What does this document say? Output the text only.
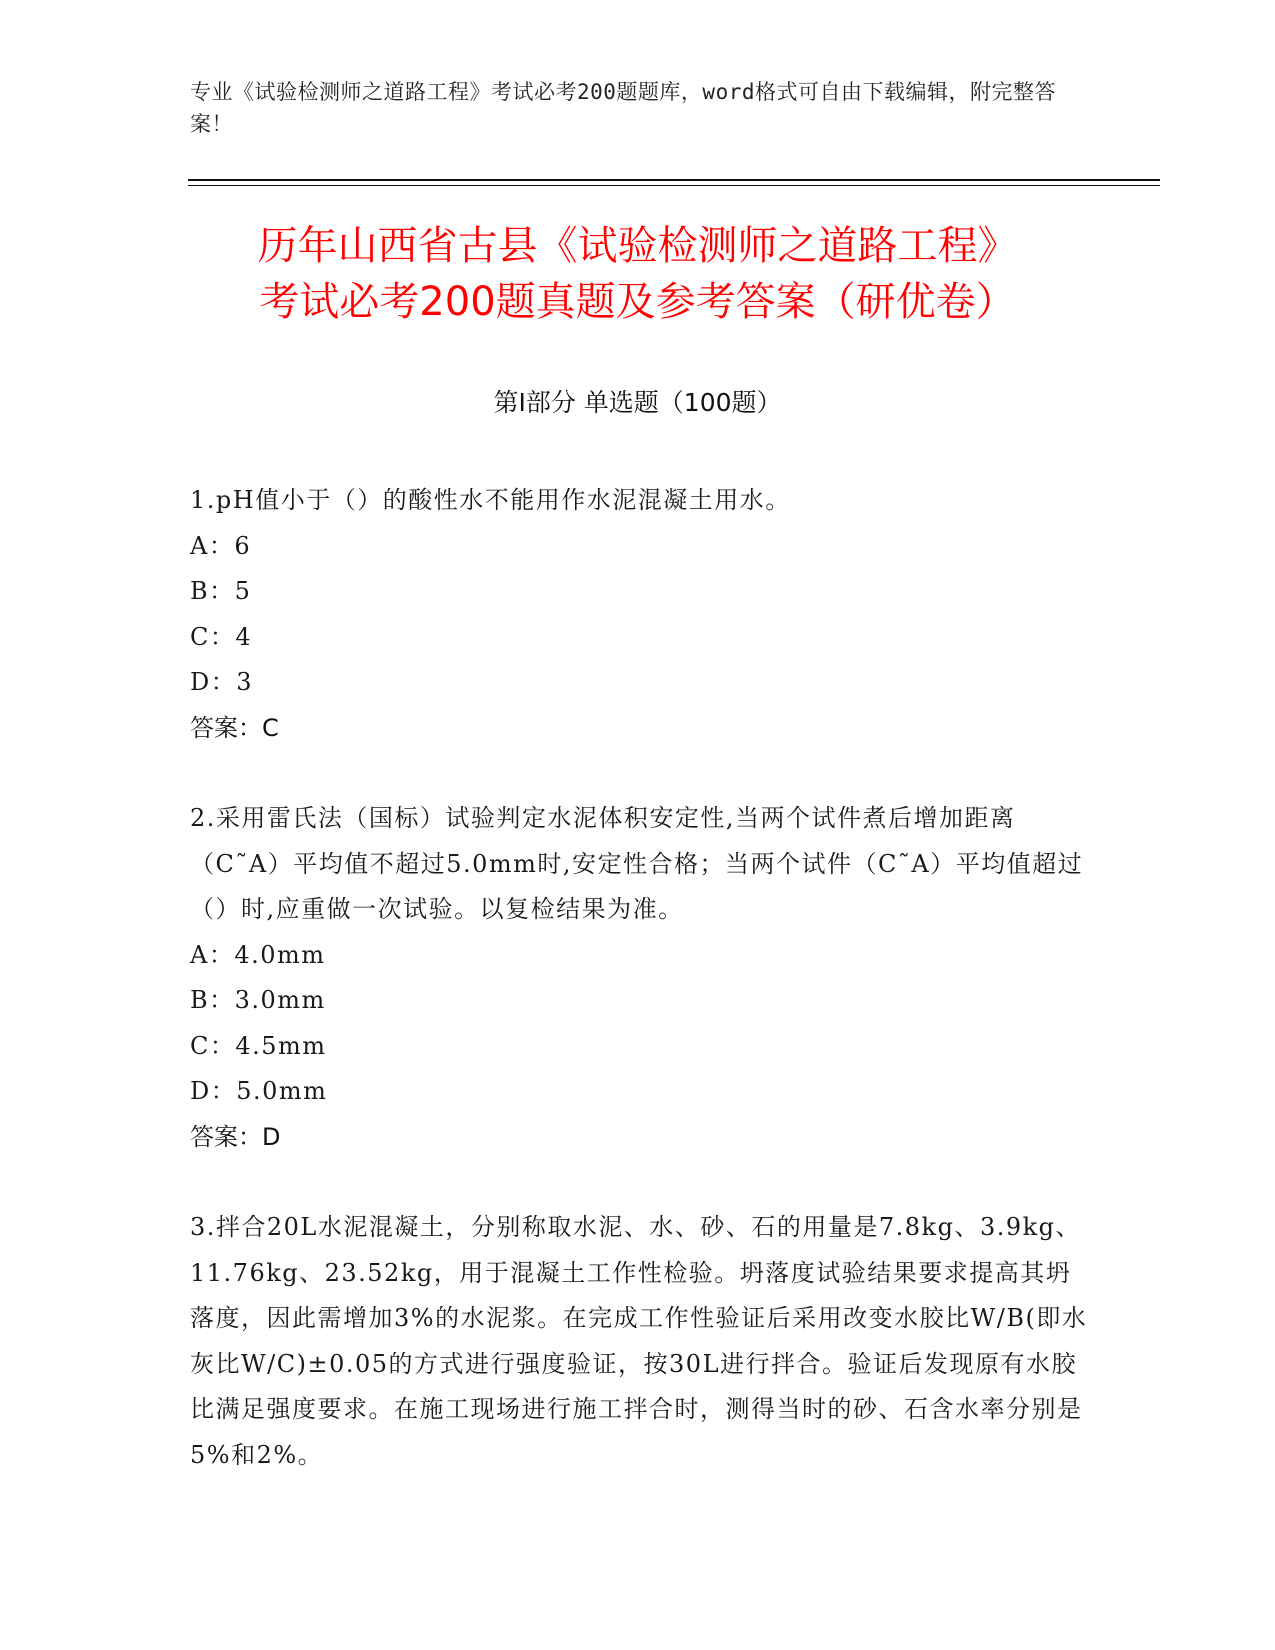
专业《试验检测师之道路工程》考试必考200题题库，word格式可自由下载编辑，附完整答案！
历年山西省古县《试验检测师之道路工程》
考试必考200题真题及参考答案（研优卷）
第I部分 单选题（100题）

1.pH值小于（）的酸性水不能用作水泥混凝土用水。

A：6

B：5

C：4

D：3

答案：C

2.采用雷氏法（国标）试验判定水泥体积安定性,当两个试件煮后增加距离（C˜A）平均值不超过5.0mm时,安定性合格；当两个试件（C˜A）平均值超过（）时,应重做一次试验。以复检结果为准。

A：4.0mm

B：3.0mm

C：4.5mm

D：5.0mm

答案：D

3.拌合20L水泥混凝土，分别称取水泥、水、砂、石的用量是7.8kg、3.9kg、11.76kg、23.52kg，用于混凝土工作性检验。坍落度试验结果要求提高其坍落度，因此需增加3%的水泥浆。在完成工作性验证后采用改变水胶比W/B(即水灰比W/C)±0.05的方式进行强度验证，按30L进行拌合。验证后发现原有水胶比满足强度要求。在施工现场进行施工拌合时，测得当时的砂、石含水率分别是5%和2%。
